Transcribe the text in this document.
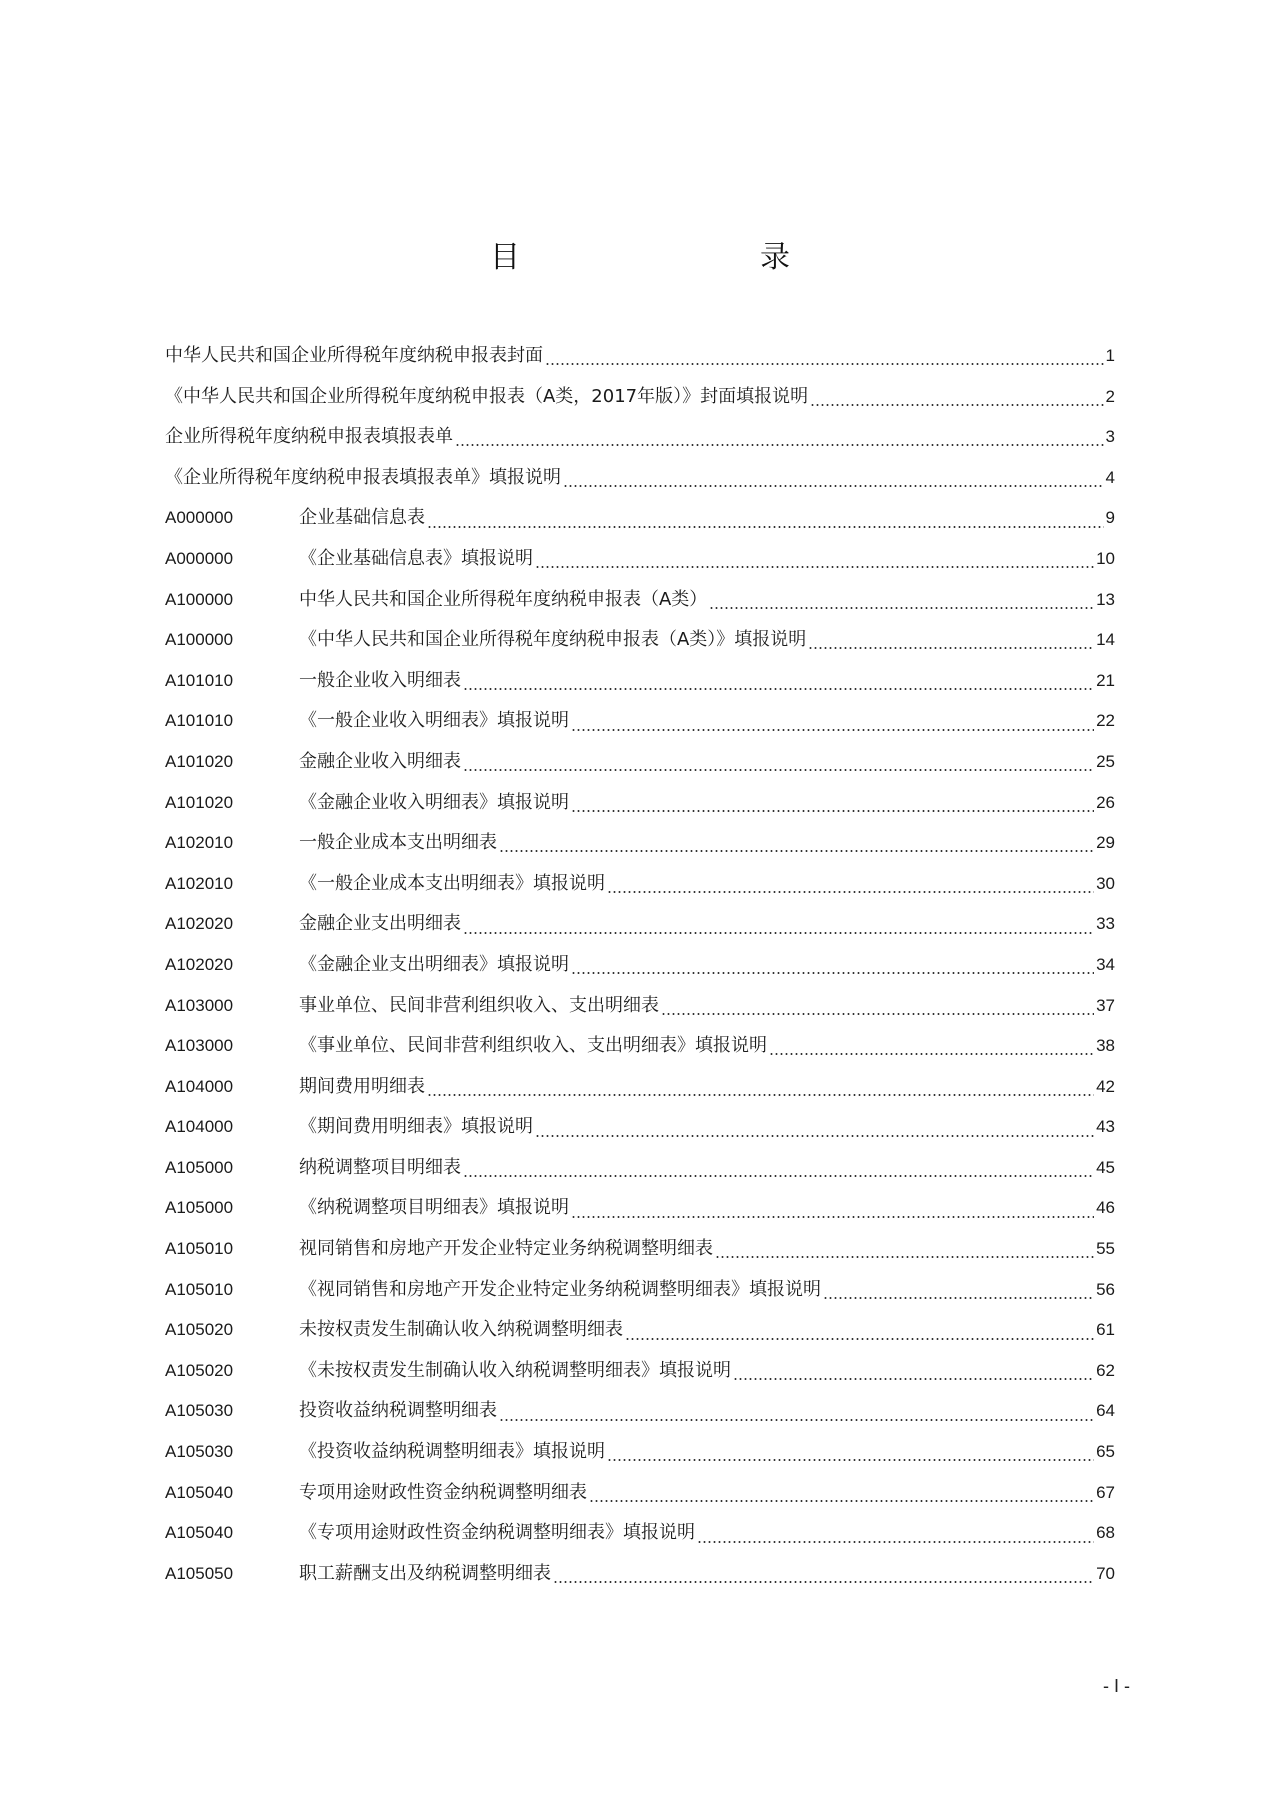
目　　录
中华人民共和国企业所得税年度纳税申报表封面	1
《中华人民共和国企业所得税年度纳税申报表（A类，2017年版）》封面填报说明	2
企业所得税年度纳税申报表填报表单	3
《企业所得税年度纳税申报表填报表单》填报说明	4
A000000	企业基础信息表	9
A000000	《企业基础信息表》填报说明	10
A100000	中华人民共和国企业所得税年度纳税申报表（A类）	13
A100000	《中华人民共和国企业所得税年度纳税申报表（A类）》填报说明	14
A101010	一般企业收入明细表	21
A101010	《一般企业收入明细表》填报说明	22
A101020	金融企业收入明细表	25
A101020	《金融企业收入明细表》填报说明	26
A102010	一般企业成本支出明细表	29
A102010	《一般企业成本支出明细表》填报说明	30
A102020	金融企业支出明细表	33
A102020	《金融企业支出明细表》填报说明	34
A103000	事业单位、民间非营利组织收入、支出明细表	37
A103000	《事业单位、民间非营利组织收入、支出明细表》填报说明	38
A104000	期间费用明细表	42
A104000	《期间费用明细表》填报说明	43
A105000	纳税调整项目明细表	45
A105000	《纳税调整项目明细表》填报说明	46
A105010	视同销售和房地产开发企业特定业务纳税调整明细表	55
A105010	《视同销售和房地产开发企业特定业务纳税调整明细表》填报说明	56
A105020	未按权责发生制确认收入纳税调整明细表	61
A105020	《未按权责发生制确认收入纳税调整明细表》填报说明	62
A105030	投资收益纳税调整明细表	64
A105030	《投资收益纳税调整明细表》填报说明	65
A105040	专项用途财政性资金纳税调整明细表	67
A105040	《专项用途财政性资金纳税调整明细表》填报说明	68
A105050	职工薪酬支出及纳税调整明细表	70
- I -
